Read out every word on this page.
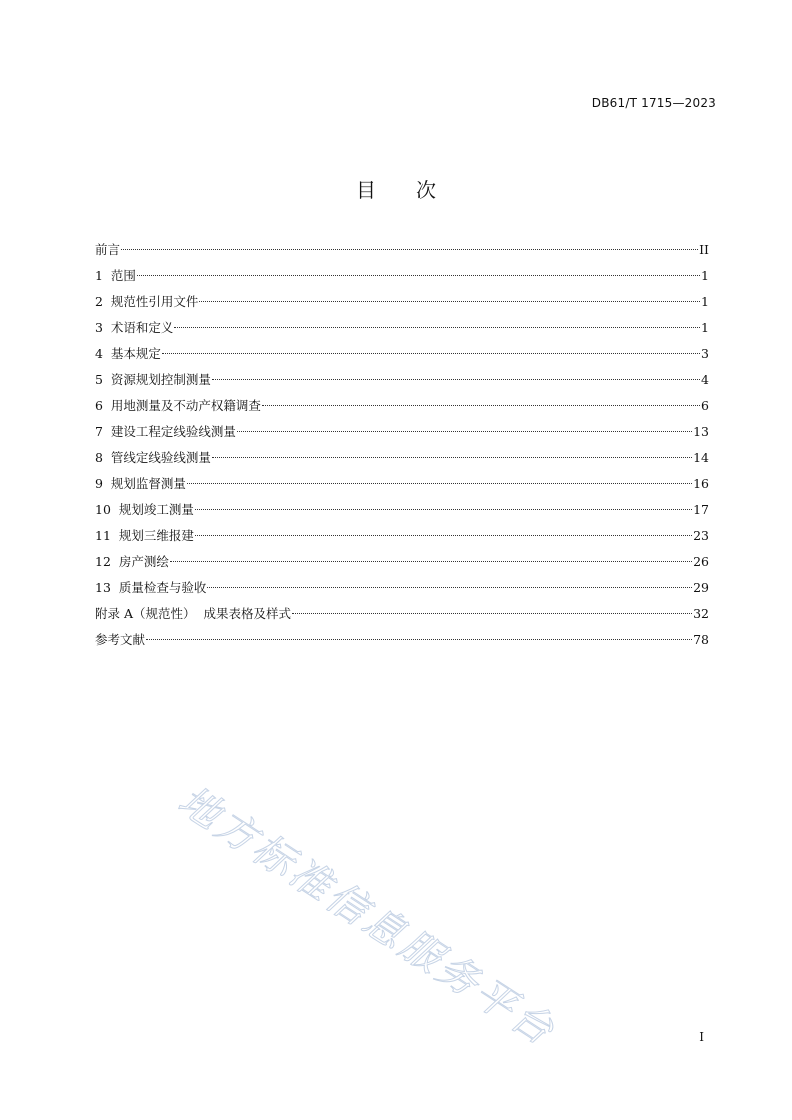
DB61/T 1715—2023
目次
前言	II
1  范围	1
2  规范性引用文件	1
3  术语和定义	1
4  基本规定	3
5  资源规划控制测量	4
6  用地测量及不动产权籍调查	6
7  建设工程定线验线测量	13
8  管线定线验线测量	14
9  规划监督测量	16
10  规划竣工测量	17
11  规划三维报建	23
12  房产测绘	26
13  质量检查与验收	29
附录 A（规范性）  成果表格及样式	32
参考文献	78
地方标准信息服务平台	I
